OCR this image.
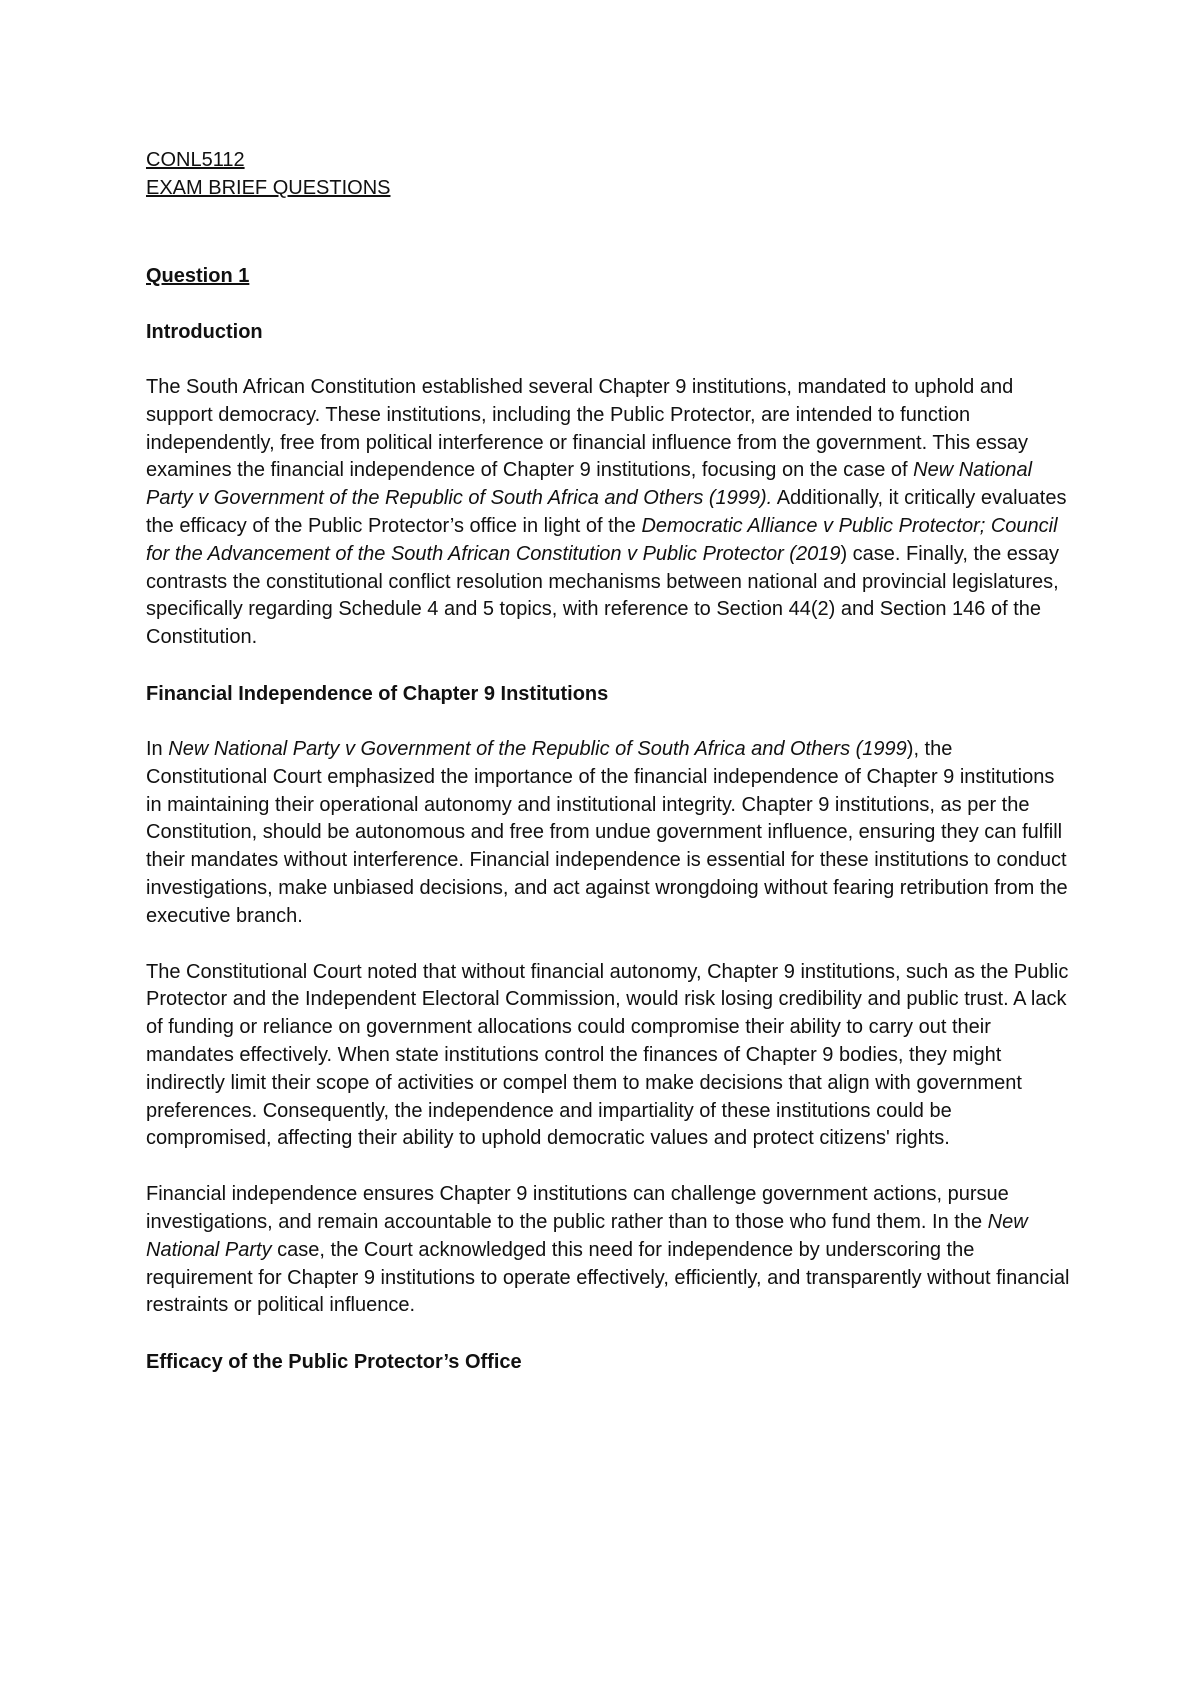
CONL5112
EXAM BRIEF QUESTIONS
Question 1
Introduction

The South African Constitution established several Chapter 9 institutions, mandated to uphold and support democracy. These institutions, including the Public Protector, are intended to function independently, free from political interference or financial influence from the government. This essay examines the financial independence of Chapter 9 institutions, focusing on the case of New National Party v Government of the Republic of South Africa and Others (1999). Additionally, it critically evaluates the efficacy of the Public Protector’s office in light of the Democratic Alliance v Public Protector; Council for the Advancement of the South African Constitution v Public Protector (2019) case. Finally, the essay contrasts the constitutional conflict resolution mechanisms between national and provincial legislatures, specifically regarding Schedule 4 and 5 topics, with reference to Section 44(2) and Section 146 of the Constitution.

Financial Independence of Chapter 9 Institutions

In New National Party v Government of the Republic of South Africa and Others (1999), the Constitutional Court emphasized the importance of the financial independence of Chapter 9 institutions in maintaining their operational autonomy and institutional integrity. Chapter 9 institutions, as per the Constitution, should be autonomous and free from undue government influence, ensuring they can fulfill their mandates without interference. Financial independence is essential for these institutions to conduct investigations, make unbiased decisions, and act against wrongdoing without fearing retribution from the executive branch.

The Constitutional Court noted that without financial autonomy, Chapter 9 institutions, such as the Public Protector and the Independent Electoral Commission, would risk losing credibility and public trust. A lack of funding or reliance on government allocations could compromise their ability to carry out their mandates effectively. When state institutions control the finances of Chapter 9 bodies, they might indirectly limit their scope of activities or compel them to make decisions that align with government preferences. Consequently, the independence and impartiality of these institutions could be compromised, affecting their ability to uphold democratic values and protect citizens' rights.

Financial independence ensures Chapter 9 institutions can challenge government actions, pursue investigations, and remain accountable to the public rather than to those who fund them. In the New National Party case, the Court acknowledged this need for independence by underscoring the requirement for Chapter 9 institutions to operate effectively, efficiently, and transparently without financial restraints or political influence.

Efficacy of the Public Protector’s Office
